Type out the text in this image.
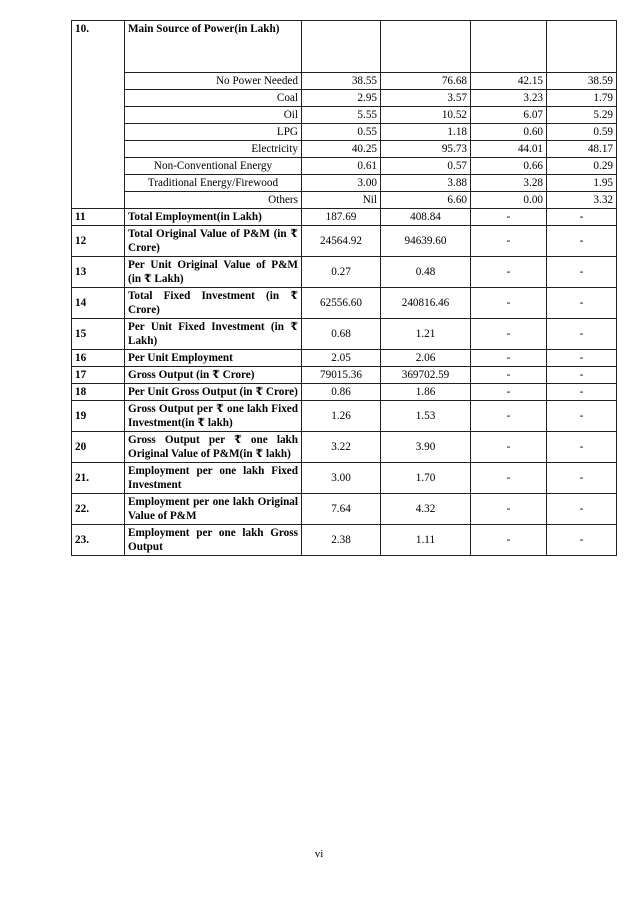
10.	Main Source of Power(in Lakh)				
	No Power Needed	38.55	76.68	42.15	38.59
	Coal	2.95	3.57	3.23	1.79
	Oil	5.55	10.52	6.07	5.29
	LPG	0.55	1.18	0.60	0.59
	Electricity	40.25	95.73	44.01	48.17
	Non-Conventional Energy	0.61	0.57	0.66	0.29
	Traditional Energy/Firewood	3.00	3.88	3.28	1.95
	Others	Nil	6.60	0.00	3.32
11	Total Employment(in Lakh)	187.69	408.84	-	-
12	Total Original Value of P&M (in ₹ Crore)	24564.92	94639.60	-	-
13	Per Unit Original Value of P&M (in ₹ Lakh)	0.27	0.48	-	-
14	Total Fixed Investment (in ₹ Crore)	62556.60	240816.46	-	-
15	Per Unit Fixed Investment (in ₹ Lakh)	0.68	1.21	-	-
16	Per Unit Employment	2.05	2.06	-	-
17	Gross Output (in ₹ Crore)	79015.36	369702.59	-	-
18	Per Unit Gross Output (in ₹ Crore)	0.86	1.86	-	-
19	Gross Output per ₹ one lakh Fixed Investment(in ₹ lakh)	1.26	1.53	-	-
20	Gross Output per ₹ one lakh Original Value of P&M(in ₹ lakh)	3.22	3.90	-	-
21.	Employment per one lakh Fixed Investment	3.00	1.70	-	-
22.	Employment per one lakh Original Value of P&M	7.64	4.32	-	-
23.	Employment per one lakh Gross Output	2.38	1.11	-	-
vi
